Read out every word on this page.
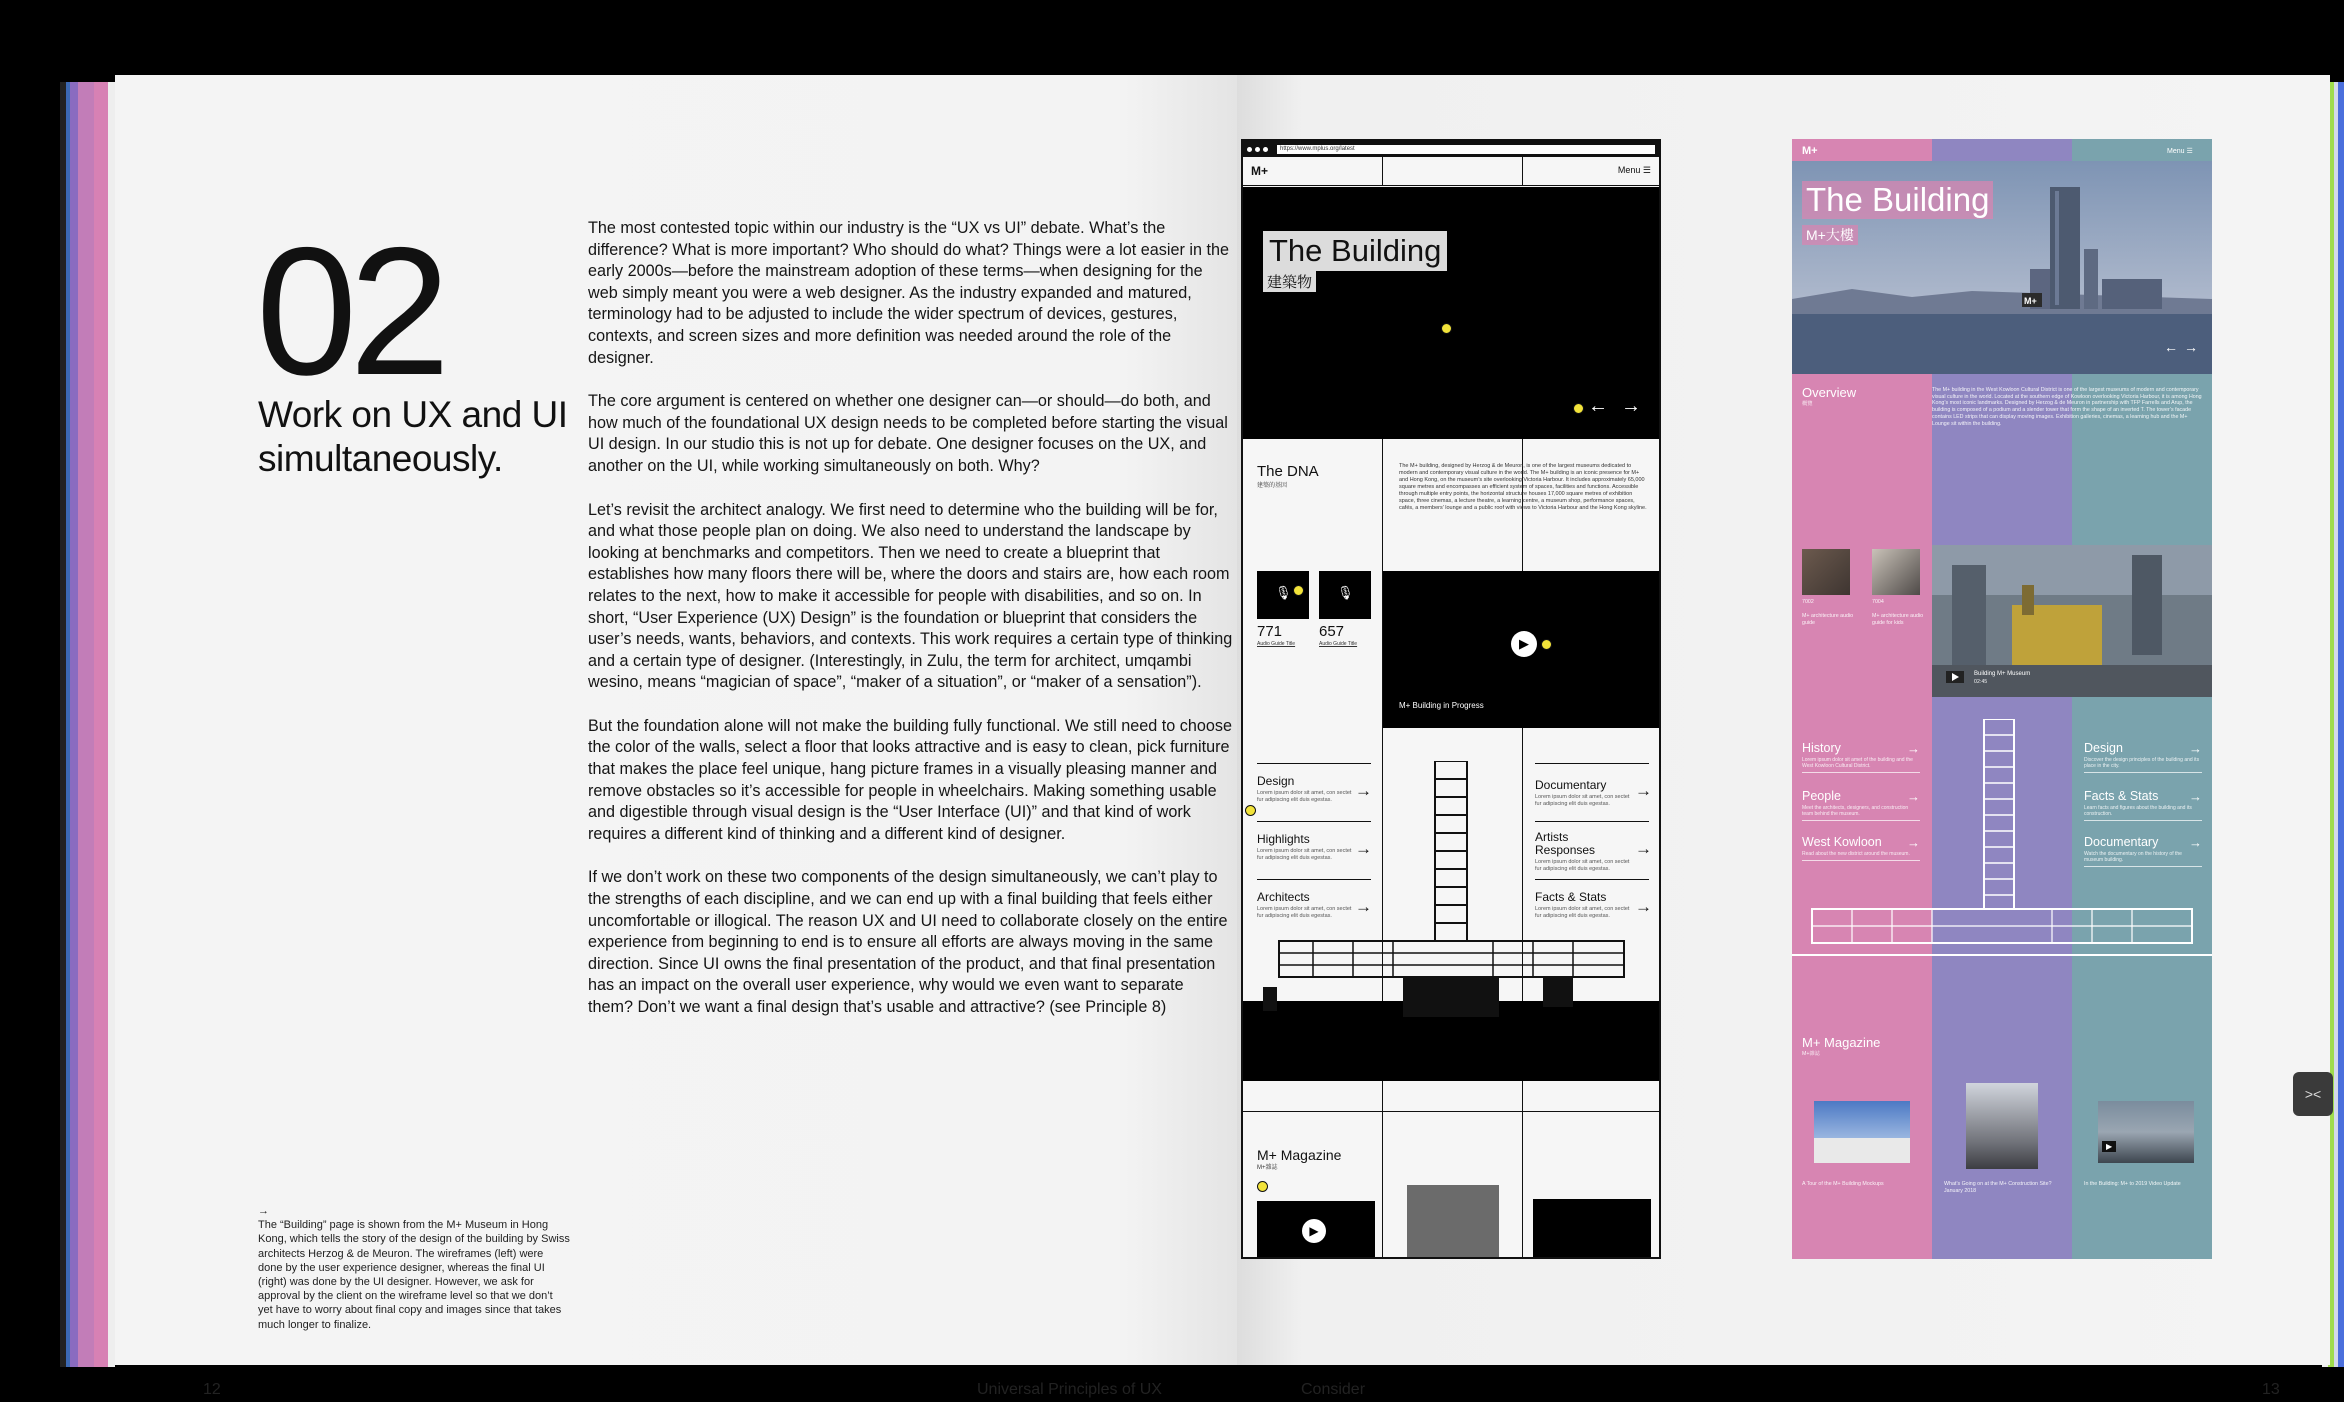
02
Work on UX and UI simultaneously.

The most contested topic within our industry is the “UX vs UI” debate. What’s the difference? What is more important? Who should do what? Things were a lot easier in the early 2000s—before the mainstream adoption of these terms—when designing for the web simply meant you were a web designer. As the industry expanded and matured, terminology had to be adjusted to include the wider spectrum of devices, gestures, contexts, and screen sizes and more definition was needed around the role of the designer.

The core argument is centered on whether one designer can—or should—do both, and how much of the foundational UX design needs to be completed before starting the visual UI design. In our studio this is not up for debate. One designer focuses on the UX, and another on the UI, while working simultaneously on both. Why?

Let’s revisit the architect analogy. We first need to determine who the building will be for, and what those people plan on doing. We also need to understand the landscape by looking at benchmarks and competitors. Then we need to create a blueprint that establishes how many floors there will be, where the doors and stairs are, how each room relates to the next, how to make it accessible for people with disabilities, and so on. In short, “User Experience (UX) Design” is the foundation or blueprint that considers the user’s needs, wants, behaviors, and contexts. This work requires a certain type of thinking and a certain type of designer. (Interestingly, in Zulu, the term for architect, umqambi wesino, means “magician of space”, “maker of a situation”, or “maker of a sensation”).

But the foundation alone will not make the building fully functional. We still need to choose the color of the walls, select a floor that looks attractive and is easy to clean, pick furniture that makes the place feel unique, hang picture frames in a visually pleasing manner and remove obstacles so it’s accessible for people in wheelchairs. Making something usable and digestible through visual design is the “User Interface (UI)” and that kind of work requires a different kind of thinking and a different kind of designer.

If we don’t work on these two components of the design simultaneously, we can’t play to the strengths of each discipline, and we can end up with a final building that feels either uncomfortable or illogical. The reason UX and UI need to collaborate closely on the entire experience from beginning to end is to ensure all efforts are always moving in the same direction. Since UI owns the final presentation of the product, and that final presentation has an impact on the overall user experience, why would we even want to separate them? Don’t we want a final design that’s usable and attractive? (see Principle 8)

→
The “Building” page is shown from the M+ Museum in Hong Kong, which tells the story of the design of the building by Swiss architects Herzog & de Meuron. The wireframes (left) were done by the user experience designer, whereas the final UI (right) was done by the UI designer. However, we ask for approval by the client on the wireframe level so that we don’t yet have to worry about final copy and images since that takes much longer to finalize.
12	Universal Principles of UX	Consider	13
https://www.mplus.org/latest
M+	Menu ☰
The Building
建築物
← →
The DNA
建築的基因
The M+ building, designed by Herzog & de Meuron, is one of the largest museums dedicated to modern and contemporary visual culture in the world. The M+ building is an iconic presence for M+ and Hong Kong, on the museum’s site overlooking Victoria Harbour. It includes approximately 65,000 square metres and encompasses an efficient system of spaces, facilities and functions. Accessible through multiple entry points, the horizontal structure houses 17,000 square metres of exhibition space, three cinemas, a lecture theatre, a learning centre, a museum shop, performance spaces, cafés, a members’ lounge and a public roof with views to Victoria Harbour and the Hong Kong skyline.
🎙	🎙
771 657
Audio Guide Title	Audio Guide Title	▶
M+ Building in Progress
Design
Lorem ipsum dolor sit amet, con sectet fur adipiscing elit duis egestas.	→
Highlights
Lorem ipsum dolor sit amet, con sectet fur adipiscing elit duis egestas.	→
Architects
Lorem ipsum dolor sit amet, con sectet fur adipiscing elit duis egestas.	→
Documentary
Lorem ipsum dolor sit amet, con sectet fur adipiscing elit duis egestas.
→
Artists Responses
Lorem ipsum dolor sit amet, con sectet fur adipiscing elit duis egestas.
→
Facts & Stats
Lorem ipsum dolor sit amet, con sectet fur adipiscing elit duis egestas.	→
M+ Magazine
M+雜誌
▶
M+	Menu ☰
M+
The Building
M+大樓
← →
Overview
概覽
The M+ building in the West Kowloon Cultural District is one of the largest museums of modern and contemporary visual culture in the world. Located at the southern edge of Kowloon overlooking Victoria Harbour, it is among Hong Kong’s most iconic landmarks. Designed by Herzog & de Meuron in partnership with TFP Farrells and Arup, the building is composed of a podium and a slender tower that form the shape of an inverted T. The tower’s facade contains LED strips that can display moving images. Exhibition galleries, cinemas, a learning hub and the M+ Lounge sit within the building.
7002
M+ architecture audio guide
7004
M+ architecture audio guide for kids
Building M+ Museum
02:45
History	→
Lorem ipsum dolor sit amet of the building and the West Kowloon Cultural District.
People	→
Meet the architects, designers, and construction team behind the museum.
West Kowloon →
Read about the new district around the museum.
Design	→
Discover the design principles of the building and its place in the city.
Facts & Stats →
Learn facts and figures about the building and its construction.
Documentary →
Watch the documentary on the history of the museum building.
M+ Magazine
M+雜誌
▶
A Tour of the M+ Building Mockups	What’s Going on at the M+ Construction Site? January 2018
In the Building: M+ to 2019 Video Update
><
